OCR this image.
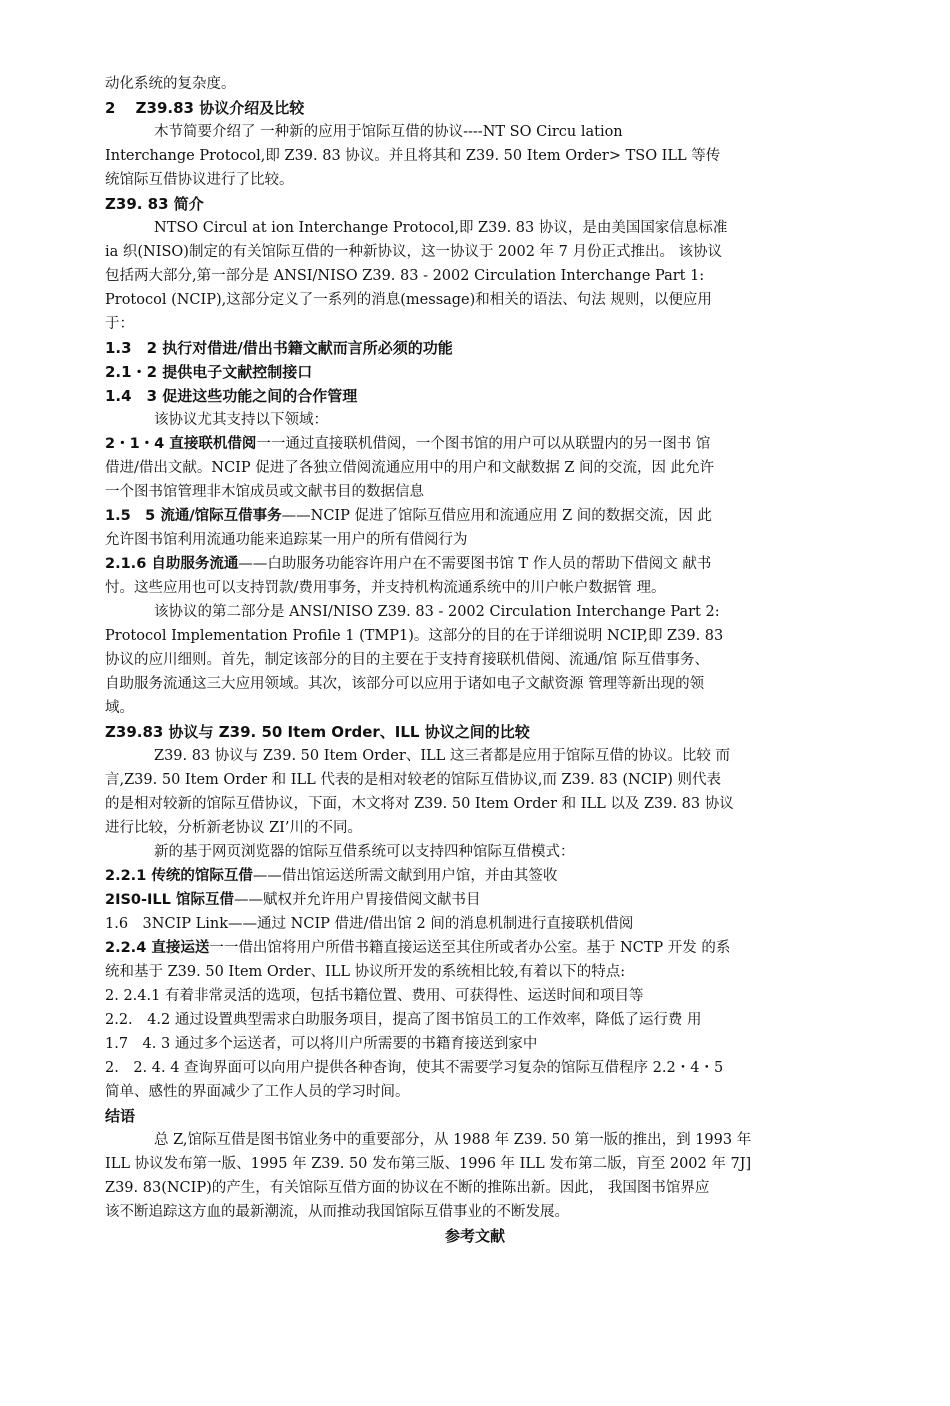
动化系统的复杂度。
2　 Z39.83 协议介绍及比较
木节简要介绍了 一种新的应用于馆际互借的协议----NT SO Circu lation
Interchange Protocol,即 Z39. 83 协议。并且将其和 Z39. 50 Item Order> TSO ILL 等传
统馆际互借协议进行了比较。
Z39. 83 简介
NTSO Circul at ion Interchange Protocol,即 Z39. 83 协议，是由美国国家信息标准
ia 织(NISO)制定的有关馆际互借的一种新协议，这一协议于 2002 年 7 月份正式推出。 该协议
包括两大部分,第一部分是 ANSI/NISO Z39. 83 - 2002 Circulation Interchange Part 1:
Protocol (NCIP),这部分定义了一系列的消息(message)和相关的语法、句法 规则，以便应用
于：
1.3　2 执行对借进/借出书籍文献而言所必须的功能
2.1・2 提供电子文献控制接口
1.4　3 促进这些功能之间的合作管理
该协议尤其支持以下领域：
2・1・4 直接联机借阅一一通过直接联机借阅，一个图书馆的用户可以从联盟内的另一图书 馆
借进/借出文献。NCIP 促进了各独立借阅流通应用中的用户和文献数据 Z 间的交流，因 此允许
一个图书馆管理非木馆成员或文献书目的数据信息
1.5　5 流通/馆际互借事务——NCIP 促进了馆际互借应用和流通应用 Z 间的数据交流，因 此
允许图书馆利用流通功能来追踪某一用户的所有借阅行为
2.1.6 自助服务流通——白助服务功能容许用户在不需要图书馆 T 作人员的帮助下借阅文 献书
忖。这些应用也可以支持罚款/费用事务，并支持机构流通系统中的川户帐户数据管 理。
该协议的第二部分是 ANSI/NISO Z39. 83 - 2002 Circulation Interchange Part 2:
Protocol Implementation Profile 1 (TMP1)。这部分的目的在于详细说明 NCIP,即 Z39. 83
协议的应川细则。首先，制定该部分的目的主要在于支持育接联机借阅、流通/馆 际互借事务、
自助服务流通这三大应用领域。其次，该部分可以应用于诸如电子文献资源 管理等新出现的领
域。
Z39.83 协议与 Z39. 50 Item Order、ILL 协议之间的比较
Z39. 83 协议与 Z39. 50 Item Order、ILL 这三者都是应用于馆际互借的协议。比较 而
言,Z39. 50 Item Order 和 ILL 代表的是相对较老的馆际互借协议,而 Z39. 83 (NCIP) 则代表
的是相对较新的馆际互借协议，下面，木文将对 Z39. 50 Item Order 和 ILL 以及 Z39. 83 协议
进行比较，分析新老协议 ZI’川的不同。
新的基于网页浏览器的馆际互借系统可以支持四种馆际互借模式：
2.2.1 传统的馆际互借——借出馆运送所需文献到用户馆，并由其签收
2IS0-ILL 馆际互借——赋权并允许用户胃接借阅文献书目
1.6　3NCIP Link——通过 NCIP 借进/借出馆 2 间的消息机制进行直接联机借阅
2.2.4 直接运送一一借出馆将用户所借书籍直接运送至其住所或者办公室。基于 NCTP 开发 的系
统和基于 Z39. 50 Item Order、ILL 协议所开发的系统相比较,有着以下的特点:
2. 2.4.1 有着非常灵活的选项，包括书籍位置、费用、可获得性、运送时间和项目等
2.2.　4.2 通过设置典型需求白助服务项目，提高了图书馆员工的工作效率，降低了运行费 用
1.7　4. 3 通过多个运送者，可以将川户所需要的书籍育接送到家中
2.　2. 4. 4 查询界面可以向用户提供各种杳询，使其不需要学习复杂的馆际互借程序 2.2・4・5
简单、感性的界面减少了工作人员的学习时间。
结语
总 Z,馆际互借是图书馆业务中的重要部分，从 1988 年 Z39. 50 第一版的推出，到 1993 年
ILL 协议发布第一版、1995 年 Z39. 50 发布第三版、1996 年 ILL 发布第二版，肓至 2002 年 7J]
Z39. 83(NCIP)的产生，有关馆际互借方面的协议在不断的推陈出新。因此， 我国图书馆界应
该不断追踪这方血的最新潮流，从而推动我国馆际互借事业的不断发展。
参考文献
